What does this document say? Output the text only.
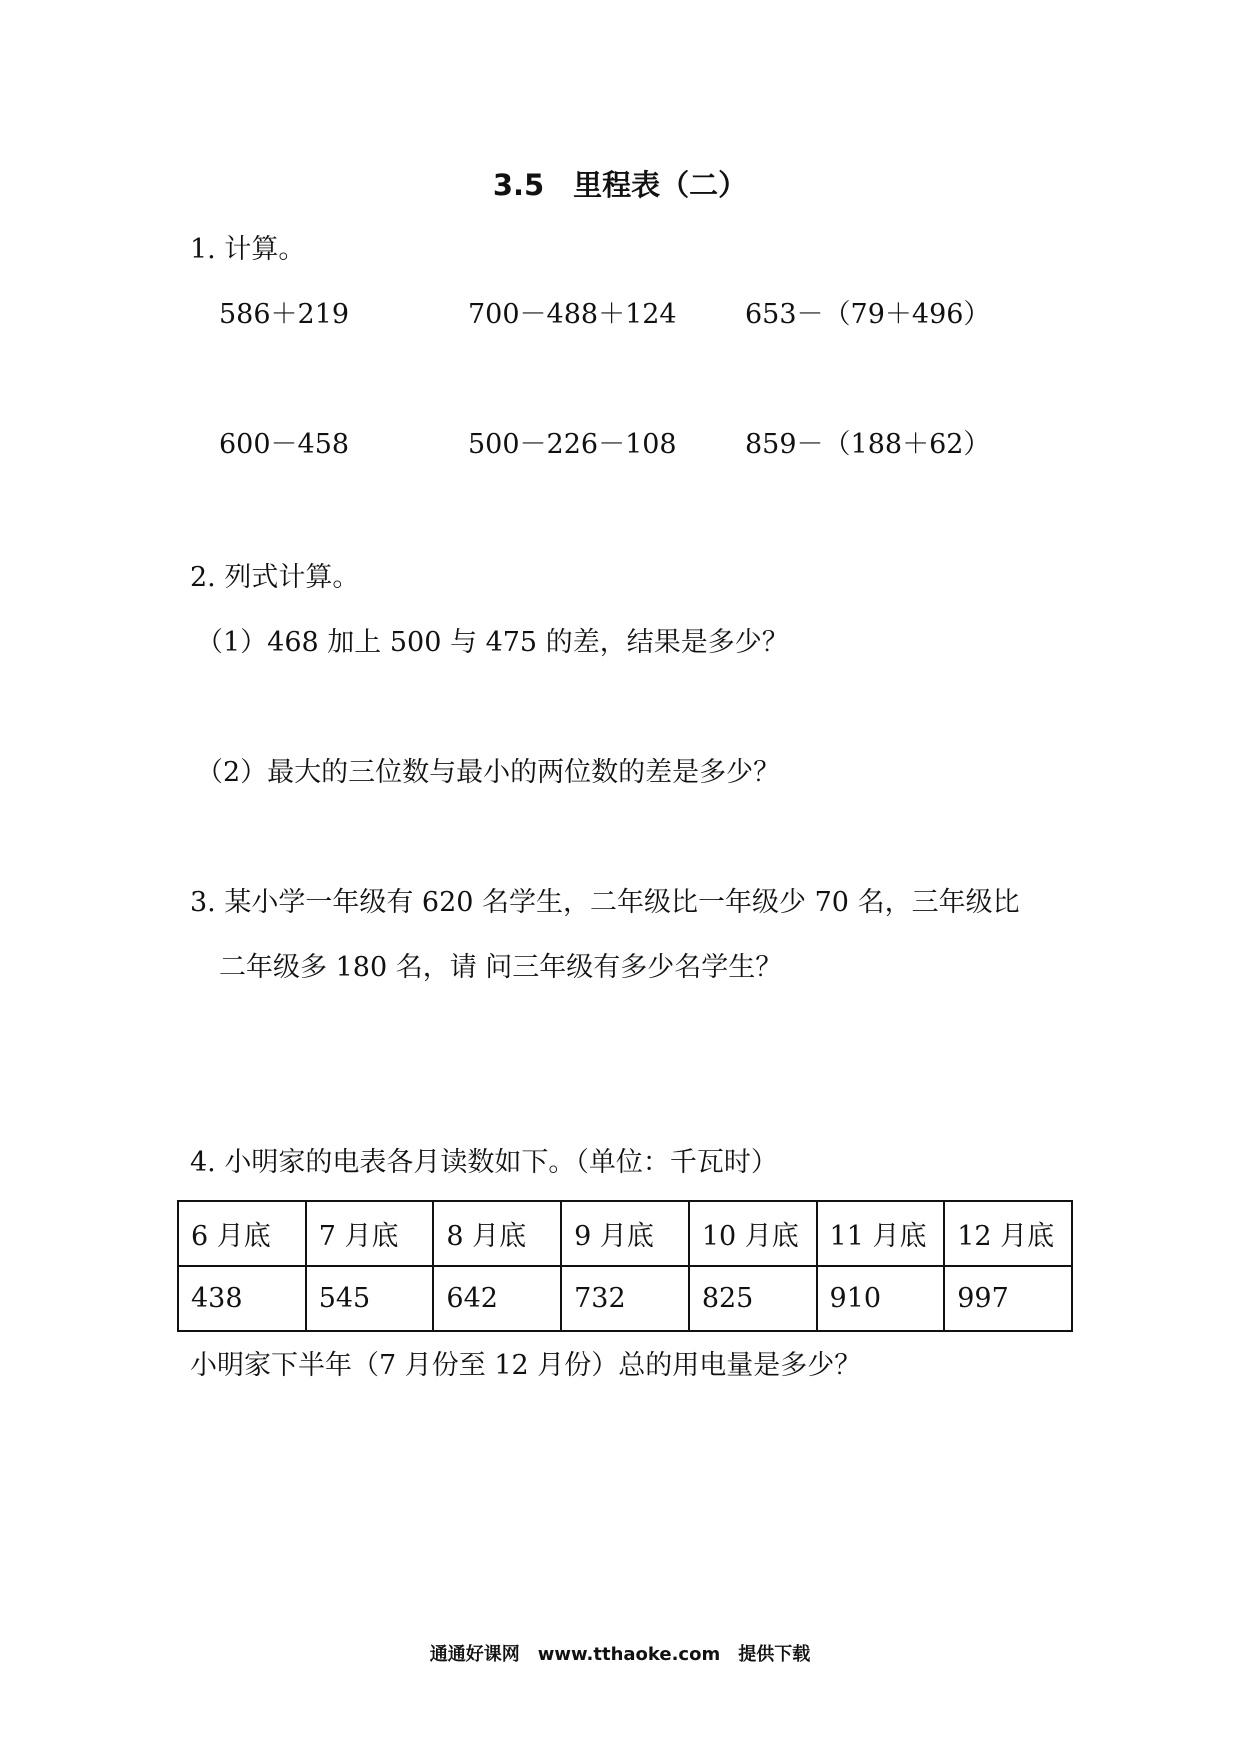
3.5　里程表（二）
1. 计算。
586＋219	700－488＋124	653－（79＋496）
600－458	500－226－108	859－（188＋62）
2. 列式计算。
（1）468 加上 500 与 475 的差，结果是多少？
（2）最大的三位数与最小的两位数的差是多少？
3. 某小学一年级有 620 名学生，二年级比一年级少 70 名，三年级比
二年级多 180 名，请 问三年级有多少名学生？
4. 小明家的电表各月读数如下。（单位：千瓦时）
6 月底	7 月底	8 月底	9 月底	10 月底	11 月底	12 月底
438	545	642	732	825	910	997
小明家下半年（7 月份至 12 月份）总的用电量是多少？
通通好课网　www.tthaoke.com　提供下载
